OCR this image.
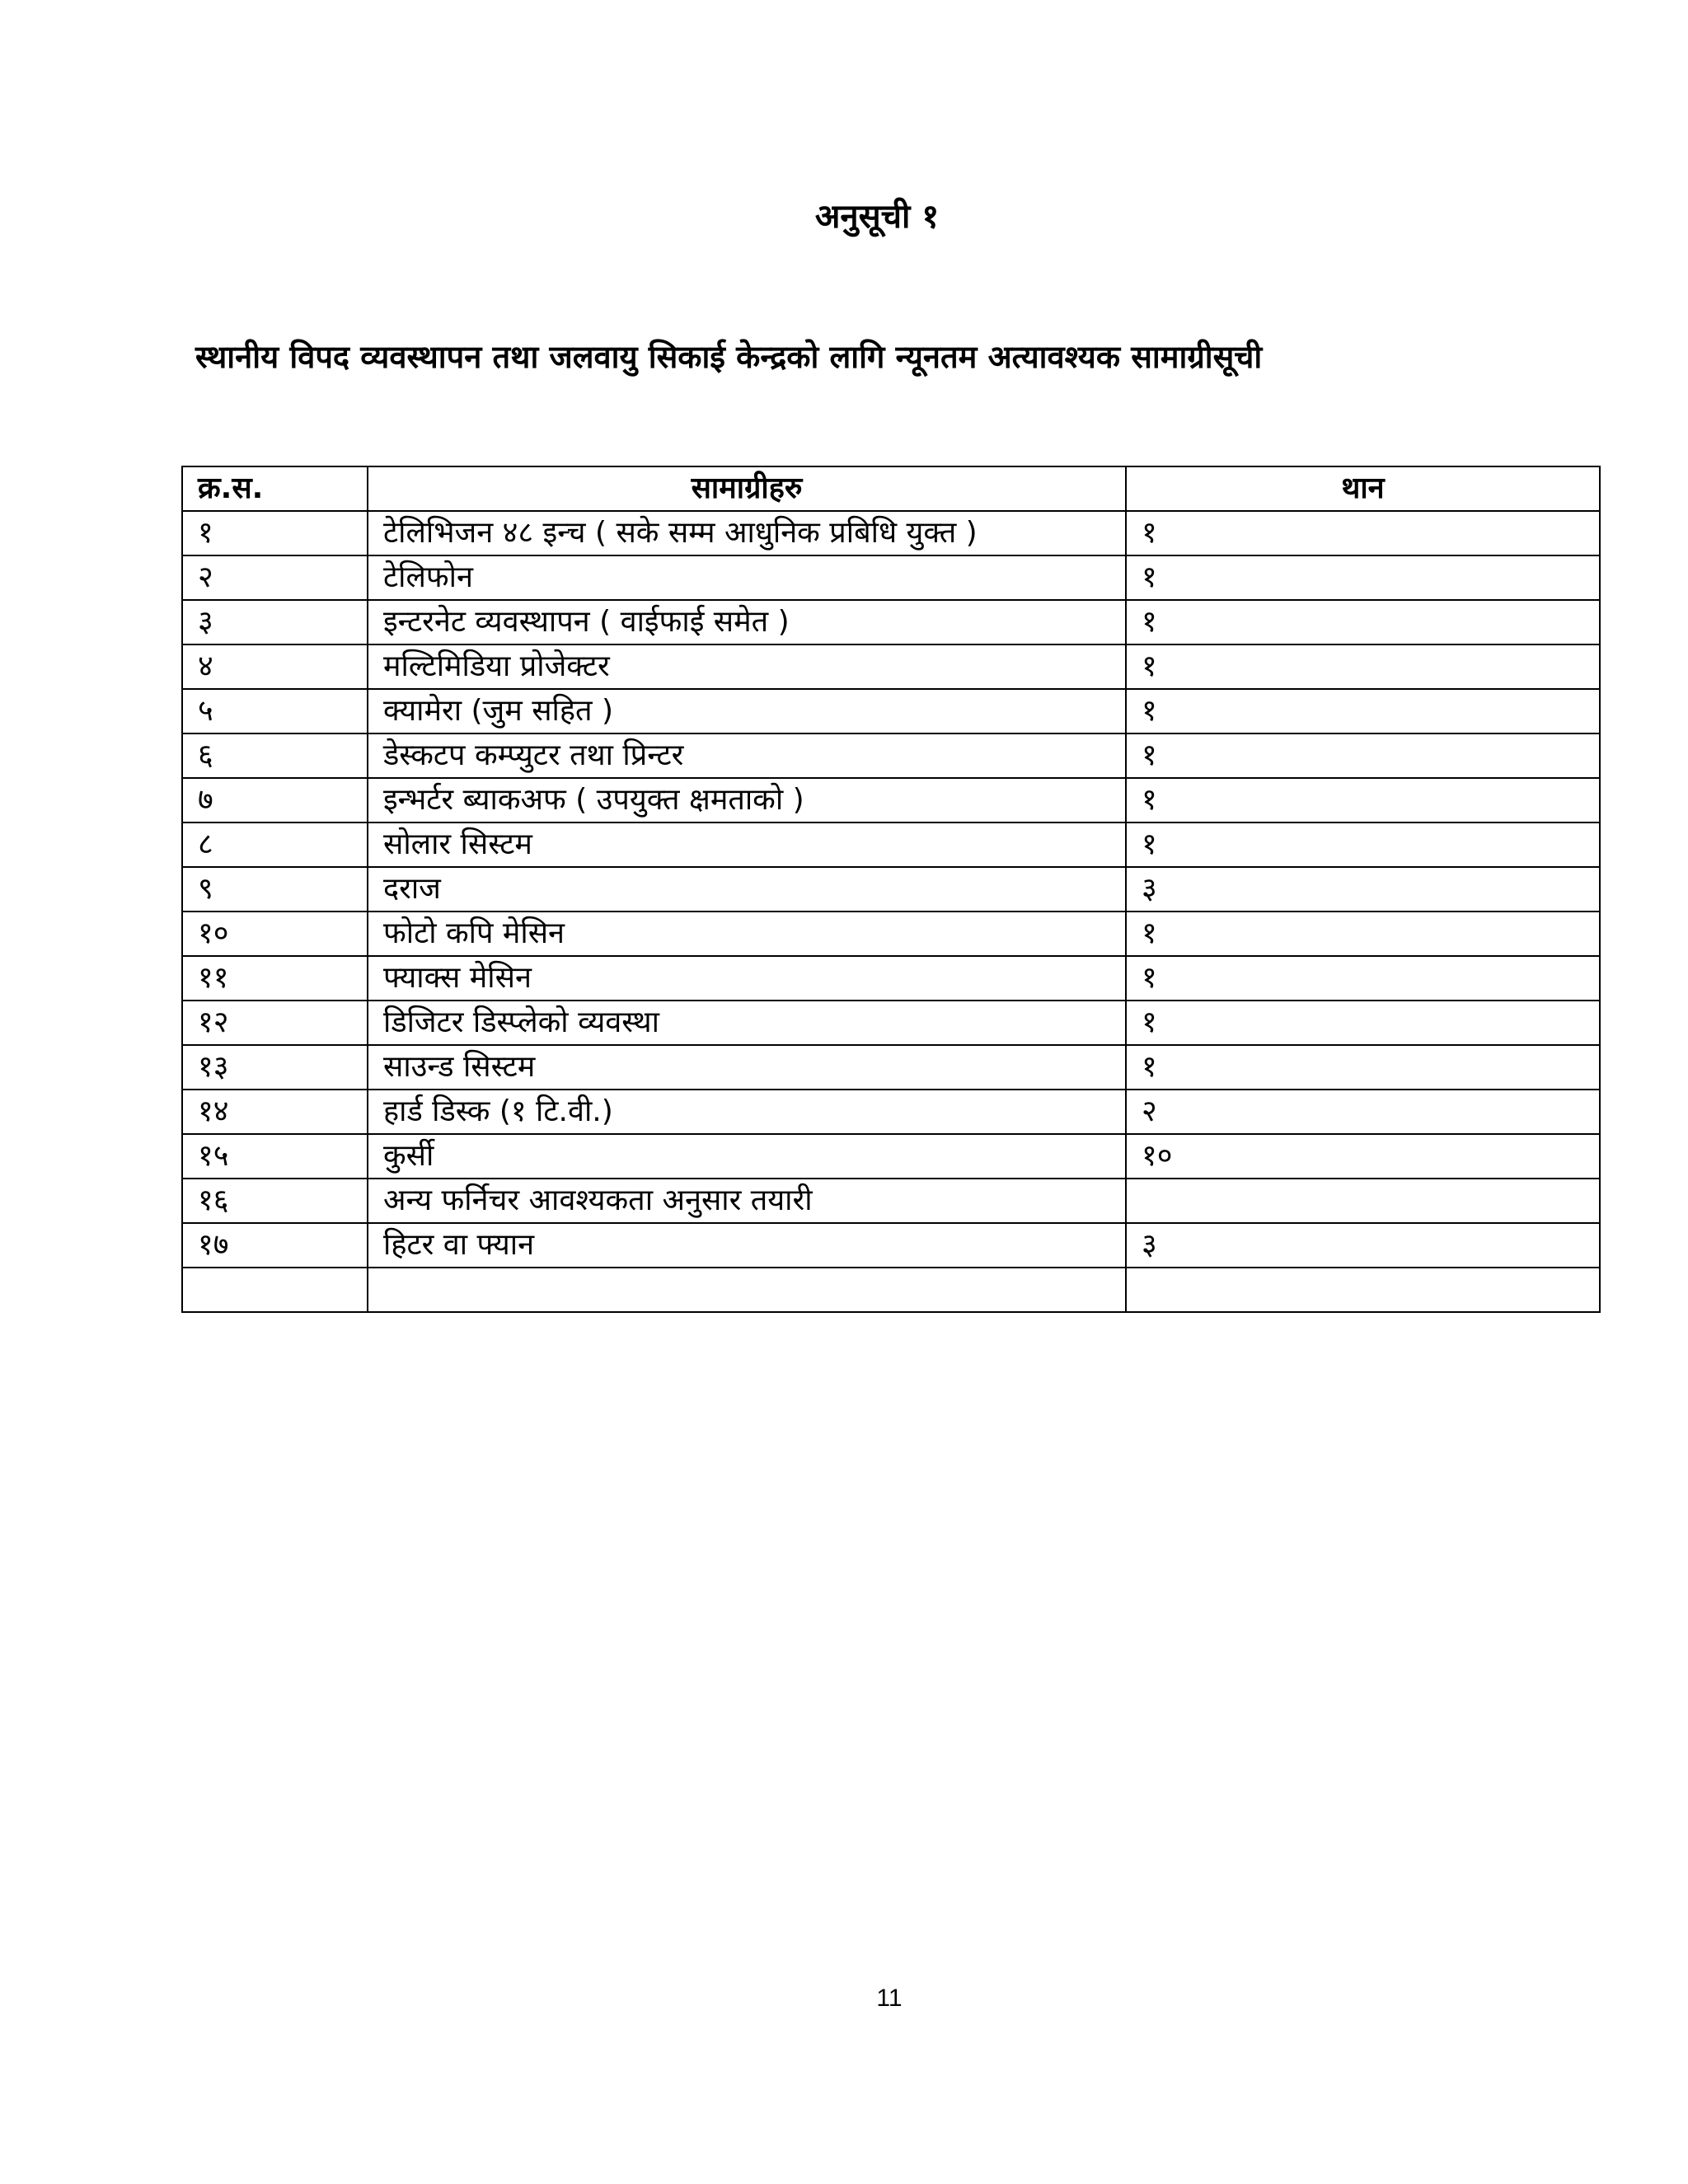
अनुसूची १
स्थानीय विपद व्यवस्थापन तथा जलवायु सिकाई केन्द्रको लागि न्यूनतम अत्यावश्यक सामाग्रीसूची
क्र.स.	सामाग्रीहरु	थान
१	टेलिभिजन ४८ इन्च ( सके सम्म आधुनिक प्रबिधि युक्त )	१
२	टेलिफोन	१
३	इन्टरनेट व्यवस्थापन ( वाईफाई समेत )	१
४	मल्टिमिडिया प्रोजेक्टर	१
५	क्यामेरा (जुम सहित )	१
६	डेस्कटप कम्प्युटर तथा प्रिन्टर	१
७	इन्भर्टर ब्याकअफ ( उपयुक्त क्षमताको )	१
८	सोलार सिस्टम	१
९	दराज	३
१०	फोटो कपि मेसिन	१
११	फ्याक्स मेसिन	१
१२	डिजिटर डिस्प्लेको व्यवस्था	१
१३	साउन्ड सिस्टम	१
१४	हार्ड डिस्क (१ टि.वी.)	२
१५	कुर्सी	१०
१६	अन्य फर्निचर आवश्यकता अनुसार तयारी	
१७	हिटर वा फ्यान	३

11
